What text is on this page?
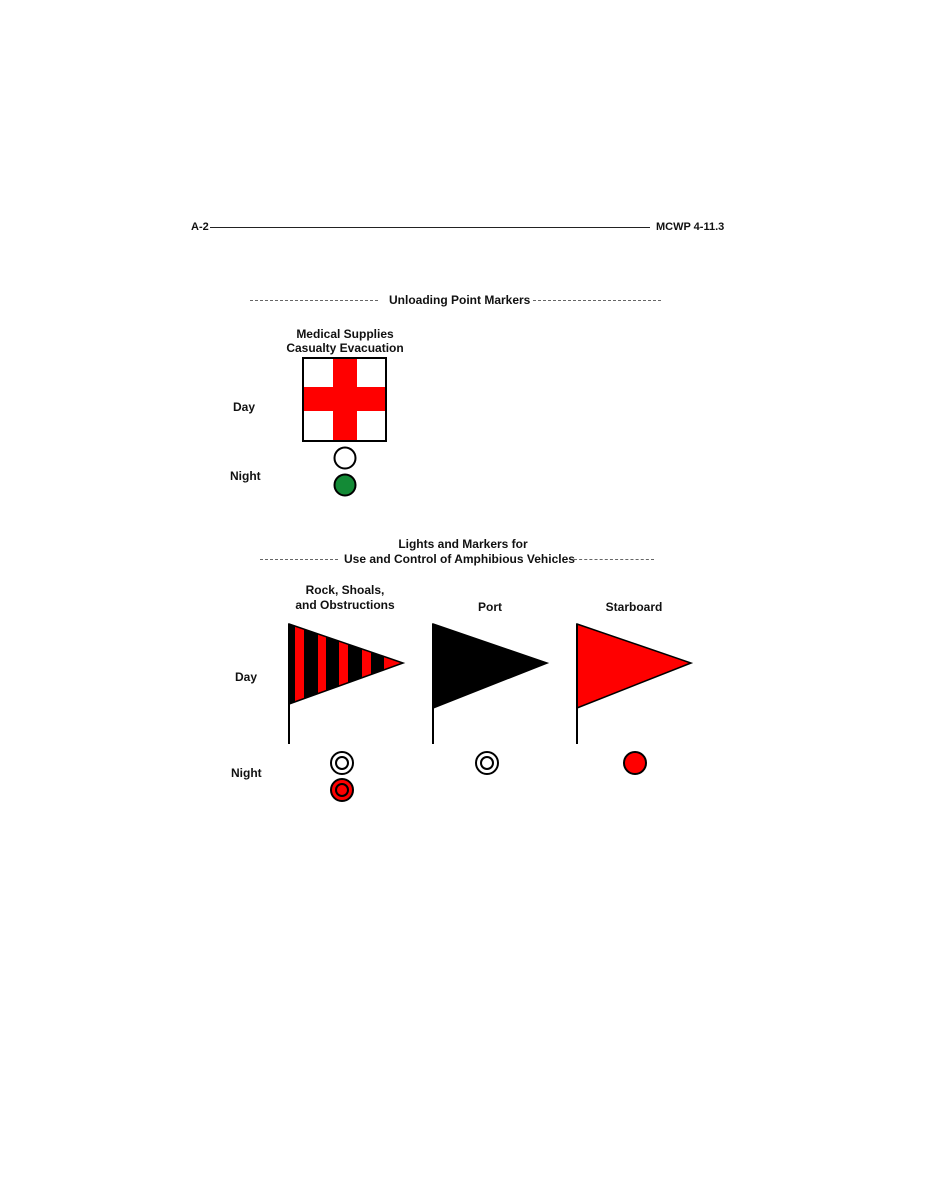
A-2	MCWP 4-11.3
Unloading Point Markers
Medical Supplies
Casualty Evacuation
Day
Night
Lights and Markers for
Use and Control of Amphibious Vehicles
Rock, Shoals,
and Obstructions	Port	Starboard
Day
Night
